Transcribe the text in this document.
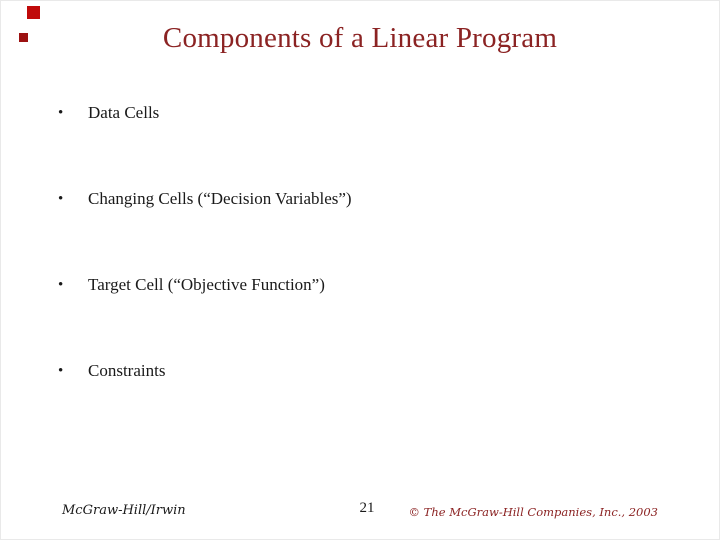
Components of a Linear Program
• Data Cells
• Changing Cells (“Decision Variables”)
• Target Cell (“Objective Function”)
• Constraints
McGraw-Hill/Irwin	21	© The McGraw-Hill Companies, Inc., 2003
